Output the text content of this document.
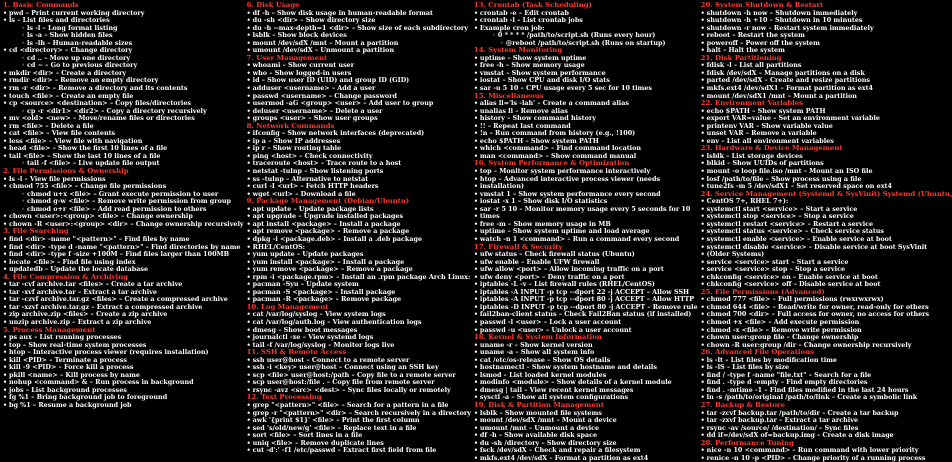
1. Basic Commands
• pwd – Print current working directory
• ls – List files and directories
◦ ls -l – Long format listing
◦ ls -a – Show hidden files
◦ ls -lh – Human-readable sizes
• cd <directory> – Change directory
◦ cd .. – Move up one directory
◦ cd ~ – Go to previous directory
• mkdir <dir> – Create a directory
• rmdir <dir> – Remove an empty directory
• rm -r <dir> – Remove a directory and its contents
• touch <file> – Create an empty file
• cp <source> <destination> – Copy files/directories
◦ cp -r <dir1> <dir2> – Copy a directory recursively
• mv <old> <new> – Move/rename files or directories
• rm <file> – Delete a file
• cat <file> – View file contents
• less <file> – View file with navigation
• head <file> – Show the first 10 lines of a file
• tail <file> – Show the last 10 lines of a file
◦ tail -f <file> – Live update file output
2. File Permissions & Ownership
• ls -l – View file permissions
• chmod 755 <file> – Change file permissions
◦ chmod u+x <file> – Grant execute permission to user
◦ chmod g-w <file> – Remove write permission from group
◦ chmod o+r <file> – Add read permission to others
• chown <user>:<group> <file> – Change ownership
• chown -R <user>:<group> <dir> – Change ownership recursively
3. File Searching
• find <dir> -name "<pattern>" – Find files by name
• find <dir> -type d -name "<pattern>" – Find directories by name
• find <dir> -type f -size +100M – Find files larger than 100MB
• locate <file> – Find file using index
• updatedb – Update the locate database
4. File Compression & Archiving
• tar -cvf archive.tar <files> – Create a tar archive
• tar -xvf archive.tar – Extract a tar archive
• tar -czvf archive.tar.gz <files> – Create a compressed archive
• tar -xzvf archive.tar.gz – Extract a compressed archive
• zip archive.zip <files> – Create a zip archive
• unzip archive.zip – Extract a zip archive
5. Process Management
• ps aux – List running processes
• top – Show real-time system processes
• htop – Interactive process viewer (requires installation)
• kill <PID> – Terminate a process
• kill -9 <PID> – Force kill a process
• pkill <name> – Kill process by name
• nohup <command> & – Run process in background
• jobs – List background processes
• fg %1 – Bring background job to foreground
• bg %1 – Resume a background job
6. Disk Usage
• df -h – Show disk usage in human-readable format
• du -sh <dir> – Show directory size
• du -h --max-depth=1 <dir> – Show size of each subdirectory
• lsblk – Show block devices
• mount /dev/sdX /mnt – Mount a partition
• umount /dev/sdX – Unmount a partition
7. User Management
• whoami – Show current user
• who – Show logged-in users
• id – Show user ID (UID) and group ID (GID)
• adduser <username> – Add a user
• passwd <username> – Change password
• usermod -aG <group> <user> – Add user to group
• deluser <username> – Delete a user
• groups <user> – Show user groups
8. Network Commands
• ifconfig – Show network interfaces (deprecated)
• ip a – Show IP addresses
• ip r – Show routing table
• ping <host> – Check connectivity
• traceroute <host> – Trace route to a host
• netstat -tulnp – Show listening ports
• ss -tulnp – Alternative to netstat
• curl -I <url> – Fetch HTTP headers
• wget <url> – Download a file
9. Package Management (Debian/Ubuntu)
• apt update – Update package lists
• apt upgrade – Upgrade installed packages
• apt install <package> – Install a package
• apt remove <package> – Remove a package
• dpkg -i <package.deb> – Install a .deb package
• RHEL/CentOS:
• yum update – Update packages
• yum install <package> – Install a package
• yum remove <package> – Remove a package
• rpm -i <package.rpm> – Install an .rpm package Arch Linux:
• pacman -Syu – Update system
• pacman -S <package> – Install package
• pacman -R <package> – Remove package
10. Log Management
• cat /var/log/syslog – View system logs
• cat /var/log/auth.log – View authentication logs
• dmesg – Show boot messages
• journalctl -xe – View systemd logs
• tail -f /var/log/syslog – Monitor logs live
11. SSH & Remote Access
• ssh user@host – Connect to a remote server
• ssh -i <key> user@host – Connect using an SSH key
• scp <file> user@host:/path – Copy file to a remote server
• scp user@host:/file . – Copy file from remote server
• rsync -avz <src> <dest> – Sync files locally or remotely
12. Text Processing
• grep "<pattern>" <file> – Search for a pattern in a file
• grep -r "<pattern>" <dir> – Search recursively in a directory
• awk '{print $1}' <file> – Print the first column
• sed 's/old/new/g' <file> – Replace text in a file
• sort <file> – Sort lines in a file
• uniq <file> – Remove duplicate lines
• cut -d':' -f1 /etc/passwd – Extract first field from file
13. Crontab (Task Scheduling)
• crontab -e – Edit crontab
• crontab -l – List crontab jobs
• Example cron job:
◦ 0 * * * * /path/to/script.sh (Runs every hour)
◦ @reboot /path/to/script.sh (Runs on startup)
14. System Monitoring
• uptime – Show system uptime
• free -h – Show memory usage
• vmstat – Show system performance
• iostat – Show CPU and disk I/O stats
• sar -u 5 10 – CPU usage every 5 sec for 10 times
15. Miscellaneous
• alias ll='ls -lah' – Create a command alias
• unalias ll – Remove alias
• history – Show command history
• !! – Repeat last command
• !n – Run command from history (e.g., !100)
• echo $PATH – Show system PATH
• which <command> – Find command location
• man <command> – Show command manual
16. System Performance & Optimization
• top – Monitor system performance interactively
• htop – Advanced interactive process viewer (needs
• installation)
• vmstat 1 – Show system performance every second
• iostat -x 1 – Show disk I/O statistics
• sar -r 5 10 – Monitor memory usage every 5 seconds for 10
• times
• free -m – Show memory usage in MB
• uptime – Show system uptime and load average
• watch -n 1 <command> – Run a command every second
17. Firewall & Security
• ufw status – Check firewall status (Ubuntu)
• ufw enable – Enable UFW firewall
• ufw allow <port> – Allow incoming traffic on a port
• ufw deny <port> – Deny traffic on a port
• iptables -L -v – List firewall rules (RHEL/CentOS)
• iptables -A INPUT -p tcp --dport 22 -j ACCEPT – Allow SSH
• iptables -A INPUT -p tcp --dport 80 -j ACCEPT – Allow HTTP
• iptables -D INPUT -p tcp --dport 80 -j ACCEPT – Remove rule
• fail2ban-client status – Check Fail2Ban status (if installed)
• passwd -l <user> – Lock a user account
• passwd -u <user> – Unlock a user account
18. Kernel & System Information
• uname -r – Show kernel version
• uname -a – Show all system info
• cat /etc/os-release – Show OS details
• hostnamectl – Show system hostname and details
• lsmod – List loaded kernel modules
• modinfo <module> – Show details of a kernel module
• dmesg | tail – View recent kernel messages
• sysctl -a – Show all system configurations
19. Disk & Partition Management
• lsblk – Show mounted file systems
• mount /dev/sdX /mnt – Mount a device
• umount /mnt – Unmount a device
• df -h – Show available disk space
• du -sh /directory – Show directory size
• fsck /dev/sdX – Check and repair a filesystem
• mkfs.ext4 /dev/sdX – Format a partition as ext4
20. System Shutdown & Restart
• shutdown -h now – Shutdown immediately
• shutdown -h +10 – Shutdown in 10 minutes
• shutdown -r now – Restart system immediately
• reboot – Restart the system
• poweroff – Power off the system
• halt – Halt the system
21. Disk Partitioning
• fdisk -l – List all partitions
• fdisk /dev/sdX – Manage partitions on a disk
• parted /dev/sdX – Create and resize partitions
• mkfs.ext4 /dev/sdX1 – Format partition as ext4
• mount /dev/sdX1 /mnt – Mount a partition
22. Environment Variables
• echo $PATH – Show system PATH
• export VAR=value – Set an environment variable
• printenv VAR – Show variable value
• unset VAR – Remove a variable
• env – List all environment variables
23. Hardware & Device Management
• lsblk – List storage devices
• blkid – Show UUIDs of partitions
• mount -o loop file.iso /mnt – Mount an ISO file
• losf /path/to/file – Show process using a file
• tune2fs -m 5 /dev/sdX1 – Set reserved space on ext4
24. Service Management (Systemd & SysVinit) Systemd (Ubuntu,
• CentOS 7+, RHEL 7+):
• systemctl start <service> – Start a service
• systemctl stop <service> – Stop a service
• systemctl restart <service> – Restart a service
• systemctl status <service> – Check service status
• systemctl enable <service> – Enable service at boot
• systemctl disable <service> – Disable service at boot SysVinit
• (Older Systems)
• service <service> start – Start a service
• service <service> stop – Stop a service
• chkconfig <service> on – Enable service at boot
• chkconfig <service> off – Disable service at boot
25. File Permissions (Advanced)
• chmod 777 <file> – Full permissions (rwxrwxrwx)
• chmod 644 <file> – Read/write for owner, read-only for others
• chmod 700 <dir> – Full access for owner, no access for others
• chmod +x <file> – Add execute permission
• chmod -x <file> – Remove write permission
• chown user:group file – Change ownership
• chown -R user:group /dir – Change ownership recursively
26. Advanced File Operations
• ls -lt – List files by modification time
• ls -lS – List files by size
• find / -type f -name "file.txt" – Search for a file
• find . -type d -empty – Find empty directories
• find . -mtime -1 – Find files modified in the last 24 hours
• ln -s /path/to/original /path/to/link – Create a symbolic link
27. Backup & Restore
• tar -zcvf backup.tar /path/to/dir – Create a tar backup
• tar -zxvf backup.tar – Extract a tar archive
• rsync -av /source/ /destination/ – Sync files
• dd if=/dev/sdX of=backup.img – Create a disk image
28. Performance Tuning
• nice -n 10 <command> – Run command with lower priority
• renice -n 10 -p <PID> – Change priority of a running process
